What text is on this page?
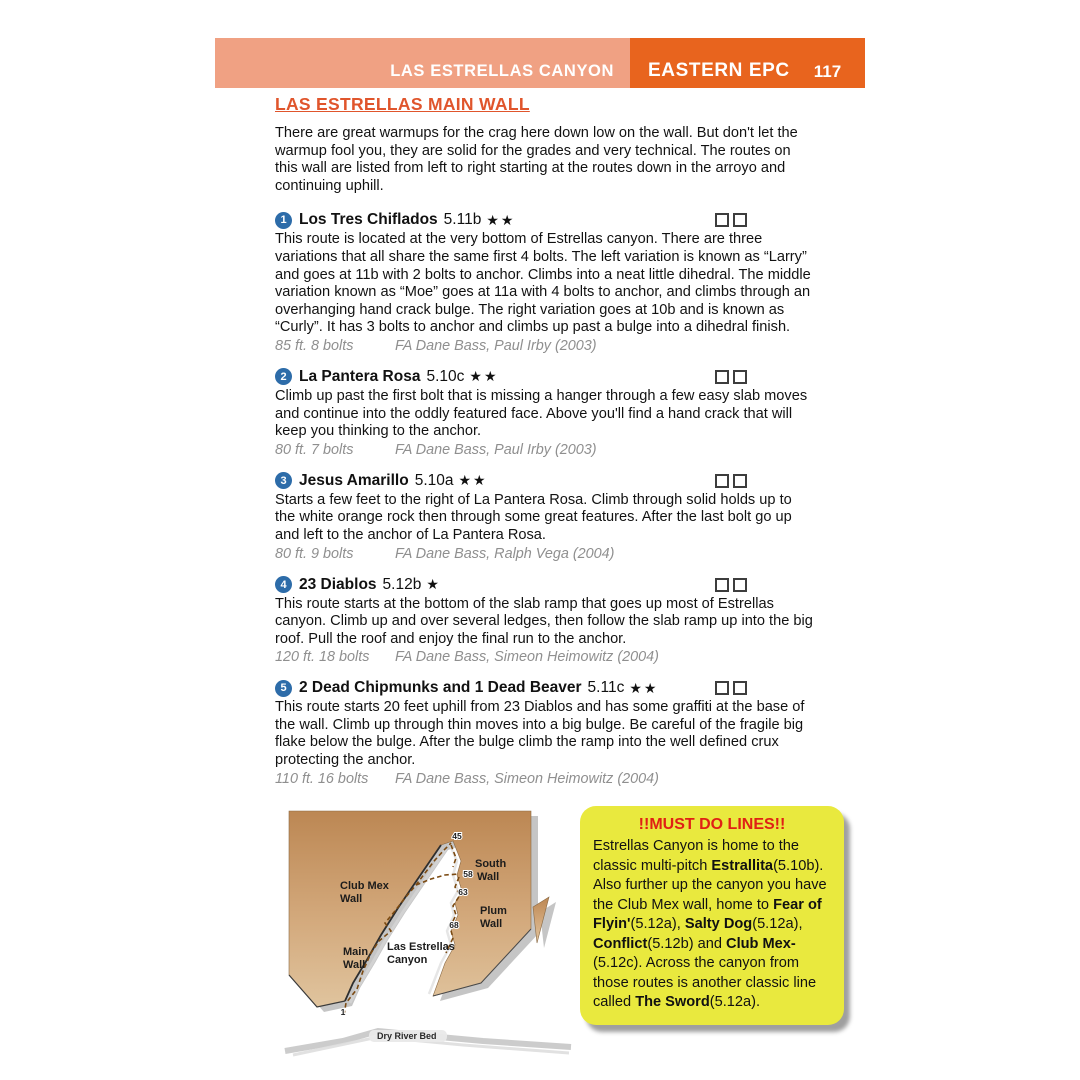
LAS ESTRELLAS CANYON	EASTERN EPC 117
LAS ESTRELLAS MAIN WALL
There are great warmups for the crag here down low on the wall. But don't let the warmup fool you, they are solid for the grades and very technical. The routes on this wall are listed from left to right starting at the routes down in the arroyo and continuing uphill.
1 Los Tres Chiflados 5.11b ★★
This route is located at the very bottom of Estrellas canyon. There are three variations that all share the same first 4 bolts. The left variation is known as “Larry” and goes at 11b with 2 bolts to anchor. Climbs into a neat little dihedral. The middle variation known as “Moe” goes at 11a with 4 bolts to anchor, and climbs through an overhanging hand crack bulge. The right variation goes at 10b and is known as “Curly”. It has 3 bolts to anchor and climbs up past a bulge into a dihedral finish.
85 ft. 8 bolts	FA Dane Bass, Paul Irby (2003)
2 La Pantera Rosa 5.10c ★★
Climb up past the first bolt that is missing a hanger through a few easy slab moves and continue into the oddly featured face. Above you'll find a hand crack that will keep you thinking to the anchor.
80 ft. 7 bolts	FA Dane Bass, Paul Irby (2003)
3 Jesus Amarillo 5.10a ★★
Starts a few feet to the right of La Pantera Rosa. Climb through solid holds up to the white orange rock then through some great features. After the last bolt go up and left to the anchor of La Pantera Rosa.
80 ft. 9 bolts	FA Dane Bass, Ralph Vega (2004)
4 23 Diablos 5.12b ★
This route starts at the bottom of the slab ramp that goes up most of Estrellas canyon. Climb up and over several ledges, then follow the slab ramp up into the big roof. Pull the roof and enjoy the final run to the anchor.
120 ft. 18 bolts	FA Dane Bass, Simeon Heimowitz (2004)
5 2 Dead Chipmunks and 1 Dead Beaver 5.11c ★★
This route starts 20 feet uphill from 23 Diablos and has some graffiti at the base of the wall. Climb up through thin moves into a big bulge. Be careful of the fragile big flake below the bulge. After the bulge climb the ramp into the well defined crux protecting the anchor.
110 ft. 16 bolts	FA Dane Bass, Simeon Heimowitz (2004)
Club Mex
Wall
South
Wall
Plum
Wall
Main
Wall
Las Estrellas
Canyon
Dry River Bed
45
58
63
68
1
!!MUST DO LINES!!
Estrellas Canyon is home to the classic multi-pitch Estrallita(5.10b). Also further up the canyon you have the Club Mex wall, home to Fear of Flyin'(5.12a), Salty Dog(5.12a), Conflict(5.12b) and Club Mex-(5.12c). Across the canyon from those routes is another classic line called The Sword(5.12a).
